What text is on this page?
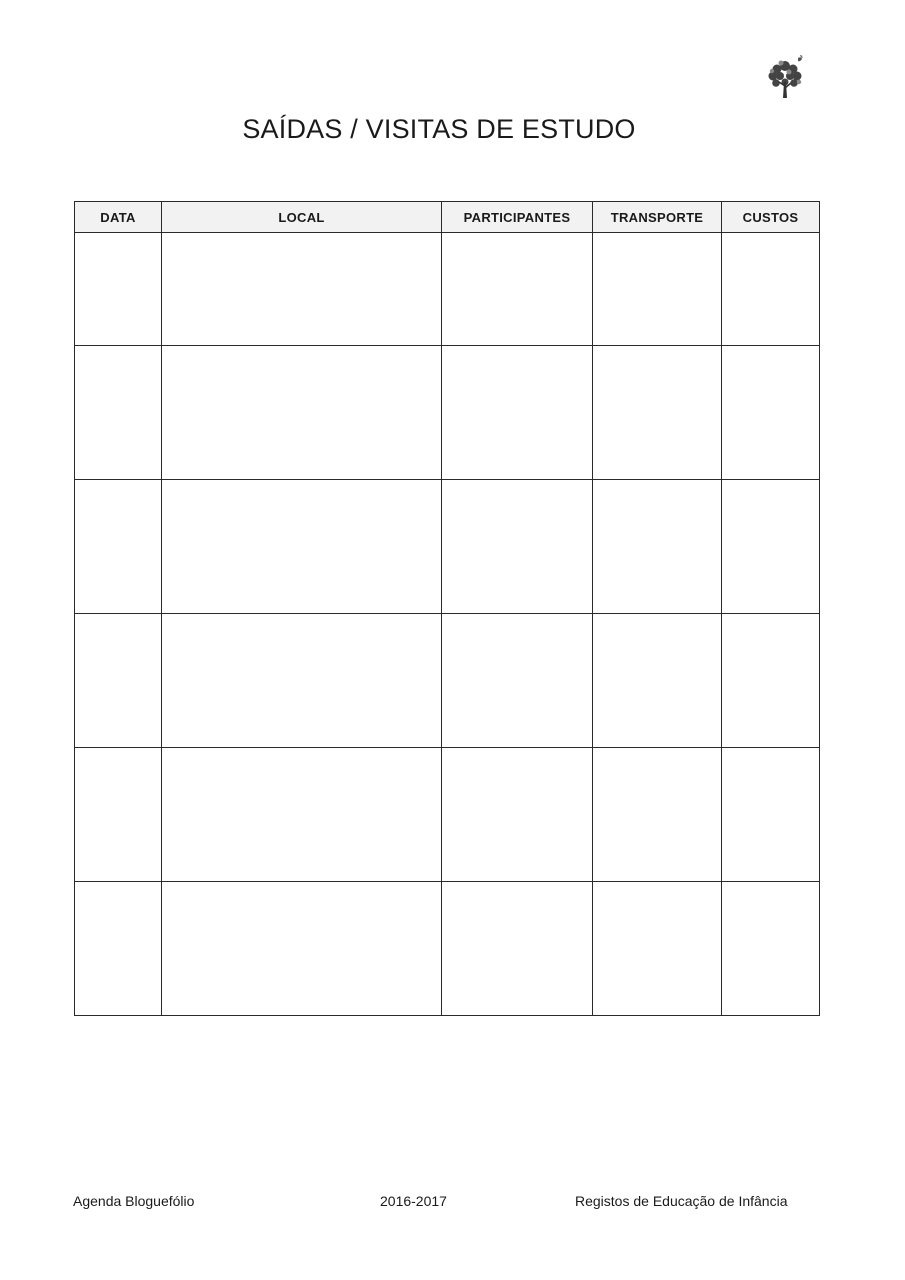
SAÍDAS / VISITAS DE ESTUDO
DATA	LOCAL	PARTICIPANTES	TRANSPORTE	CUSTOS

Agenda Bloguefólio	2016-2017	Registos de Educação de Infância
